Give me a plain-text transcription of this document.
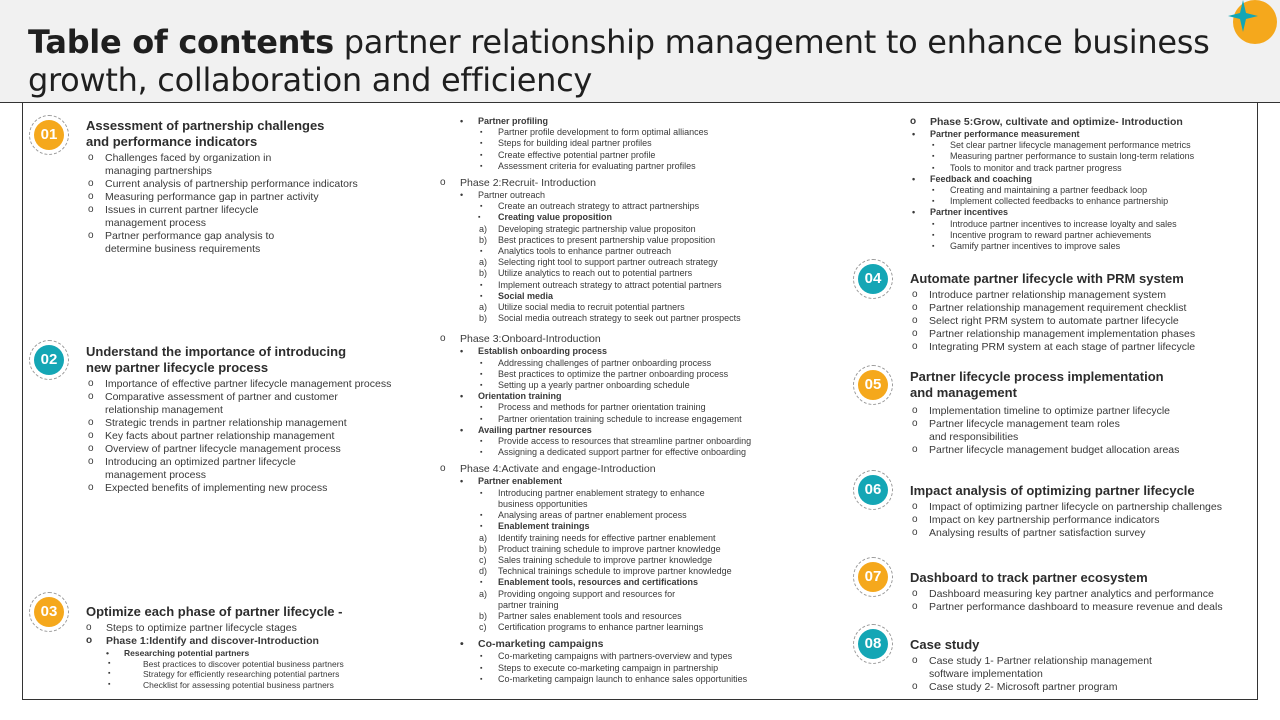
Table of contents partner relationship management to enhance business growth, collaboration and efficiency
01
Assessment of partnership challenges
and performance indicators
o Challenges faced by organization in
managing partnerships
o Current analysis of partnership performance indicators
o Measuring performance gap in partner activity
o Issues in current partner lifecycle
management process
o Partner performance gap analysis to
determine business requirements
02	Understand the importance of introducing
new partner lifecycle process
o Importance of effective partner lifecycle management process
o Comparative assessment of partner and customer
relationship management
o Strategic trends in partner relationship management
o Key facts about partner relationship management
o Overview of partner lifecycle management process
o Introducing an optimized partner lifecycle
management process
o Expected benefits of implementing new process
03	Optimize each phase of partner lifecycle -
o Steps to optimize partner lifecycle stages
o Phase 1:Identify and discover-Introduction
• Researching potential partners
▪ Best practices to discover potential business partners
▪ Strategy for efficiently researching potential partners
▪ Checklist for assessing potential business partners
• Partner profiling
▪ Partner profile development to form optimal alliances
▪ Steps for building ideal partner profiles
▪ Create effective potential partner profile
▪ Assessment criteria for evaluating partner profiles
o Phase 2:Recruit- Introduction
• Partner outreach
▪ Create an outreach strategy to attract partnerships
▪ Creating value proposition
a) Developing strategic partnership value propositon
b) Best practices to present partnership value proposition
▪ Analytics tools to enhance partner outreach
a) Selecting right tool to support partner outreach strategy
b) Utilize analytics to reach out to potential partners
▪ Implement outreach strategy to attract potential partners
▪ Social media
a) Utilize social media to recruit potential partners
b) Social media outreach strategy to seek out partner prospects
o Phase 3:Onboard-Introduction
• Establish onboarding process
▪ Addressing challenges of partner onboarding process
▪ Best practices to optimize the partner onboarding process
▪ Setting up a yearly partner onboarding schedule
• Orientation training
▪ Process and methods for partner orientation training
▪ Partner orientation training schedule to increase engagement
• Availing partner resources
▪ Provide access to resources that streamline partner onboarding
▪ Assigning a dedicated support partner for effective onboarding
o Phase 4:Activate and engage-Introduction
• Partner enablement
▪ Introducing partner enablement strategy to enhance
business opportunities
▪ Analysing areas of partner enablement process
▪ Enablement trainings
a) Identify training needs for effective partner enablement
b) Product training schedule to improve partner knowledge
c) Sales training schedule to improve partner knowledge
d) Technical trainings schedule to improve partner knowledge
▪ Enablement tools, resources and certifications
a) Providing ongoing support and resources for
partner training
b) Partner sales enablement tools and resources
c) Certification programs to enhance partner learnings
• Co-marketing campaigns
▪ Co-marketing campaigns with partners-overview and types
▪ Steps to execute co-marketing campaign in partnership
▪ Co-marketing campaign launch to enhance sales opportunities
o Phase 5:Grow, cultivate and optimize- Introduction
• Partner performance measurement
▪ Set clear partner lifecycle management performance metrics
▪ Measuring partner performance to sustain long-term relations
▪ Tools to monitor and track partner progress
• Feedback and coaching
▪ Creating and maintaining a partner feedback loop
▪ Implement collected feedbacks to enhance partnership
• Partner incentives
▪ Introduce partner incentives to increase loyalty and sales
▪ Incentive program to reward partner achievements
▪ Gamify partner incentives to improve sales
04	Automate partner lifecycle with PRM system
o Introduce partner relationship management system
o Partner relationship management requirement checklist
o Select right PRM system to automate partner lifecycle
o Partner relationship management implementation phases
o Integrating PRM system at each stage of partner lifecycle
05	Partner lifecycle process implementation
and management
o Implementation timeline to optimize partner lifecycle
o Partner lifecycle management team roles
and responsibilities
o Partner lifecycle management budget allocation areas
06	Impact analysis of optimizing partner lifecycle
o Impact of optimizing partner lifecycle on partnership challenges
o Impact on key partnership performance indicators
o Analysing results of partner satisfaction survey
07	Dashboard to track partner ecosystem
o Dashboard measuring key partner analytics and performance
o Partner performance dashboard to measure revenue and deals
08	Case study
o Case study 1- Partner relationship management
software implementation
o Case study 2- Microsoft partner program
